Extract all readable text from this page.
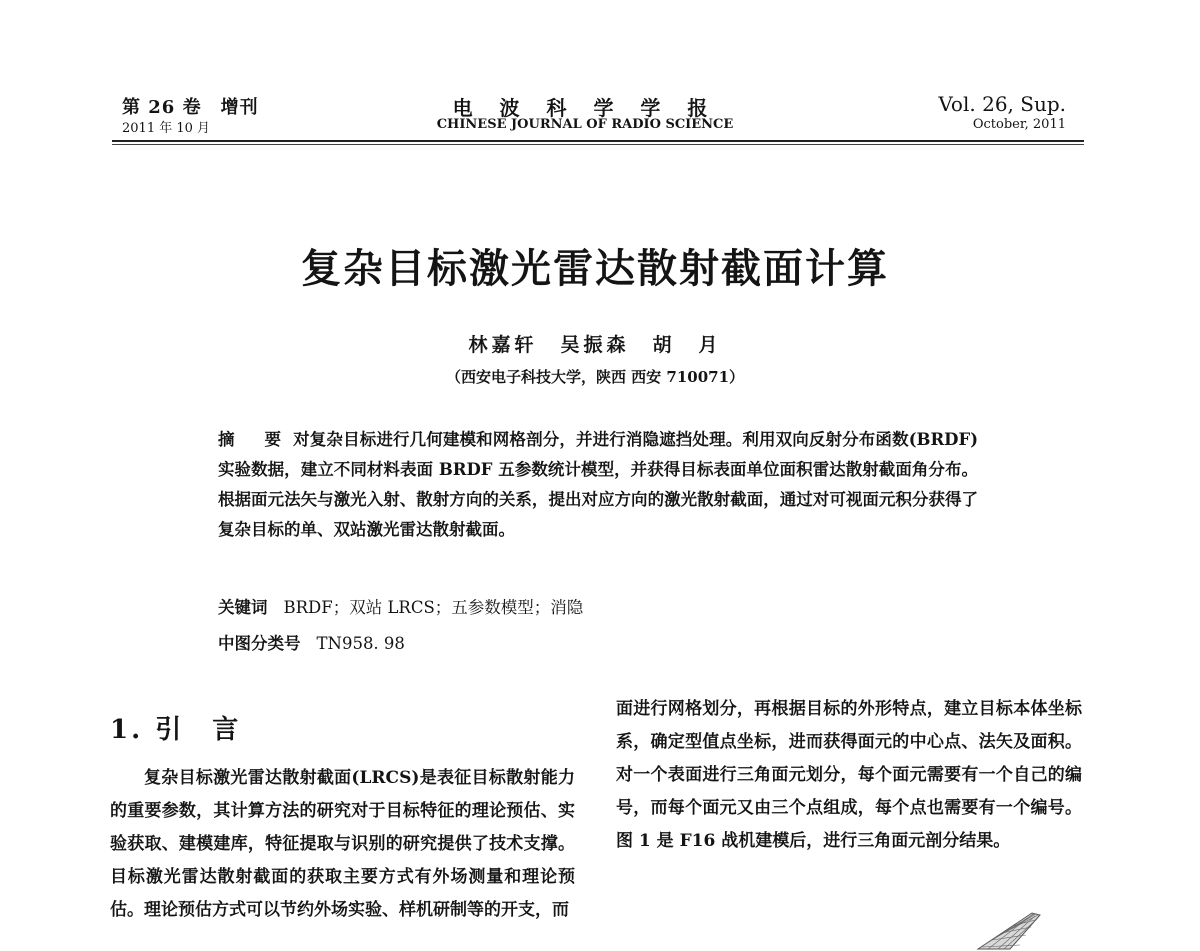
第 26 卷　增刊
2011 年 10 月
电 波 科 学 学 报
CHINESE JOURNAL OF RADIO SCIENCE
Vol. 26, Sup.
October, 2011
复杂目标激光雷达散射截面计算
林嘉轩　吴振森　胡　月
（西安电子科技大学，陕西 西安 710071）
摘 要对复杂目标进行几何建模和网格剖分，并进行消隐遮挡处理。利用双向反射分布函数(BRDF)实验数据，建立不同材料表面 BRDF 五参数统计模型，并获得目标表面单位面积雷达散射截面角分布。根据面元法矢与激光入射、散射方向的关系，提出对应方向的激光散射截面，通过对可视面元积分获得了复杂目标的单、双站激光雷达散射截面。
关键词 BRDF；双站 LRCS；五参数模型；消隐
中图分类号 TN958. 98
1. 引 言
复杂目标激光雷达散射截面(LRCS)是表征目标散射能力的重要参数，其计算方法的研究对于目标特征的理论预估、实验获取、建模建库，特征提取与识别的研究提供了技术支撑。目标激光雷达散射截面的获取主要方式有外场测量和理论预估。理论预估方式可以节约外场实验、样机研制等的开支，而
面进行网格划分，再根据目标的外形特点，建立目标本体坐标系，确定型值点坐标，进而获得面元的中心点、法矢及面积。对一个表面进行三角面元划分，每个面元需要有一个自己的编号，而每个面元又由三个点组成，每个点也需要有一个编号。图 1 是 F16 战机建模后，进行三角面元剖分结果。
